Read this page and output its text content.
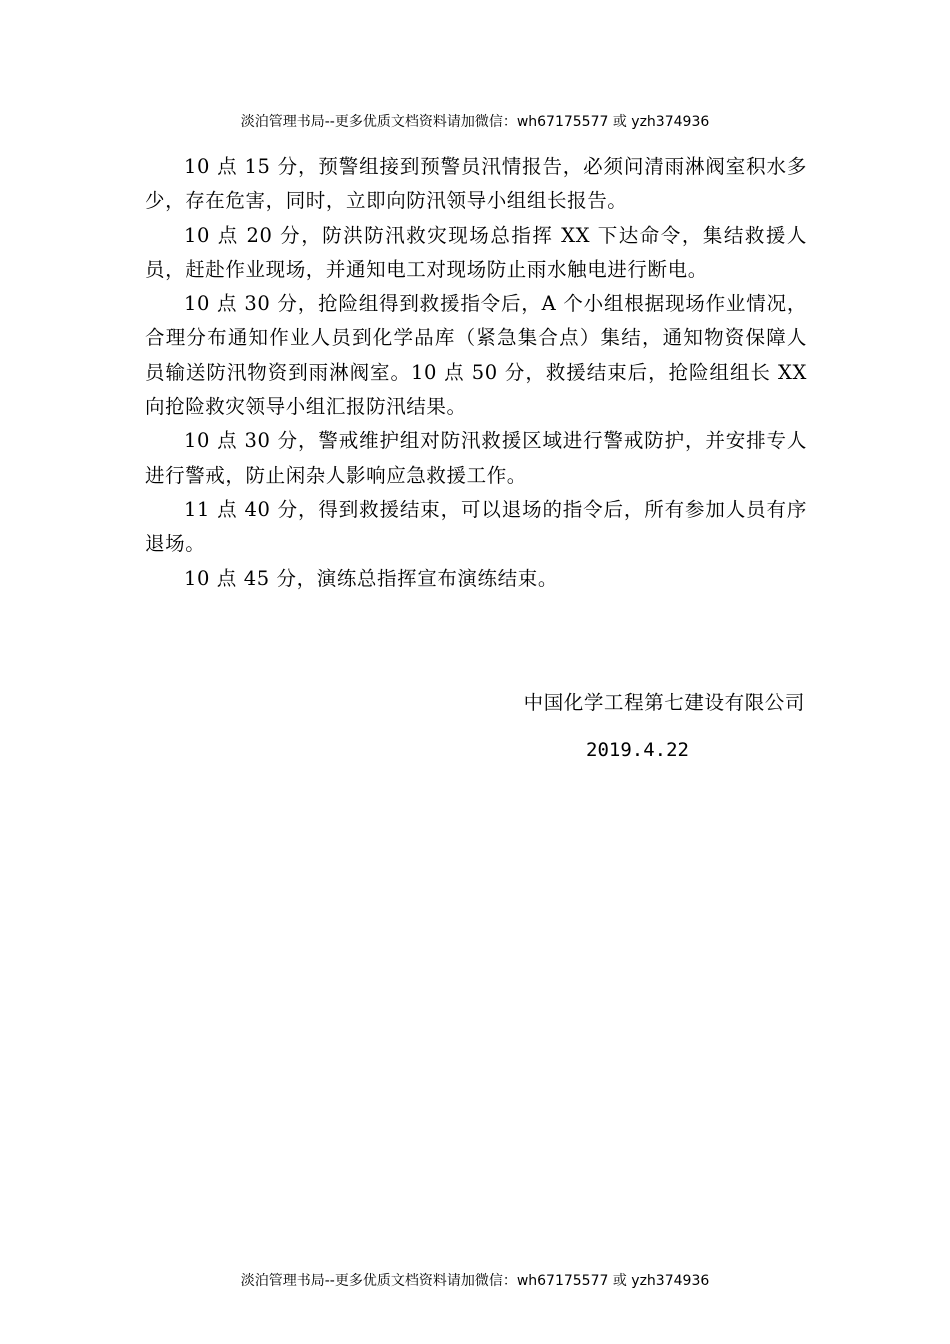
淡泊管理书局--更多优质文档资料请加微信：wh67175577 或 yzh374936

10 点 15 分，预警组接到预警员汛情报告，必须问清雨淋阀室积水多少，存在危害，同时，立即向防汛领导小组组长报告。

10 点 20 分，防洪防汛救灾现场总指挥 XX 下达命令，集结救援人员，赶赴作业现场，并通知电工对现场防止雨水触电进行断电。

10 点 30 分，抢险组得到救援指令后，A 个小组根据现场作业情况，合理分布通知作业人员到化学品库（紧急集合点）集结，通知物资保障人员输送防汛物资到雨淋阀室。10 点 50 分，救援结束后，抢险组组长 XX 向抢险救灾领导小组汇报防汛结果。

10 点 30 分，警戒维护组对防汛救援区域进行警戒防护，并安排专人进行警戒，防止闲杂人影响应急救援工作。

11 点 40 分，得到救援结束，可以退场的指令后，所有参加人员有序退场。

10 点 45 分，演练总指挥宣布演练结束。

中国化学工程第七建设有限公司
2019.4.22
淡泊管理书局--更多优质文档资料请加微信：wh67175577 或 yzh374936
